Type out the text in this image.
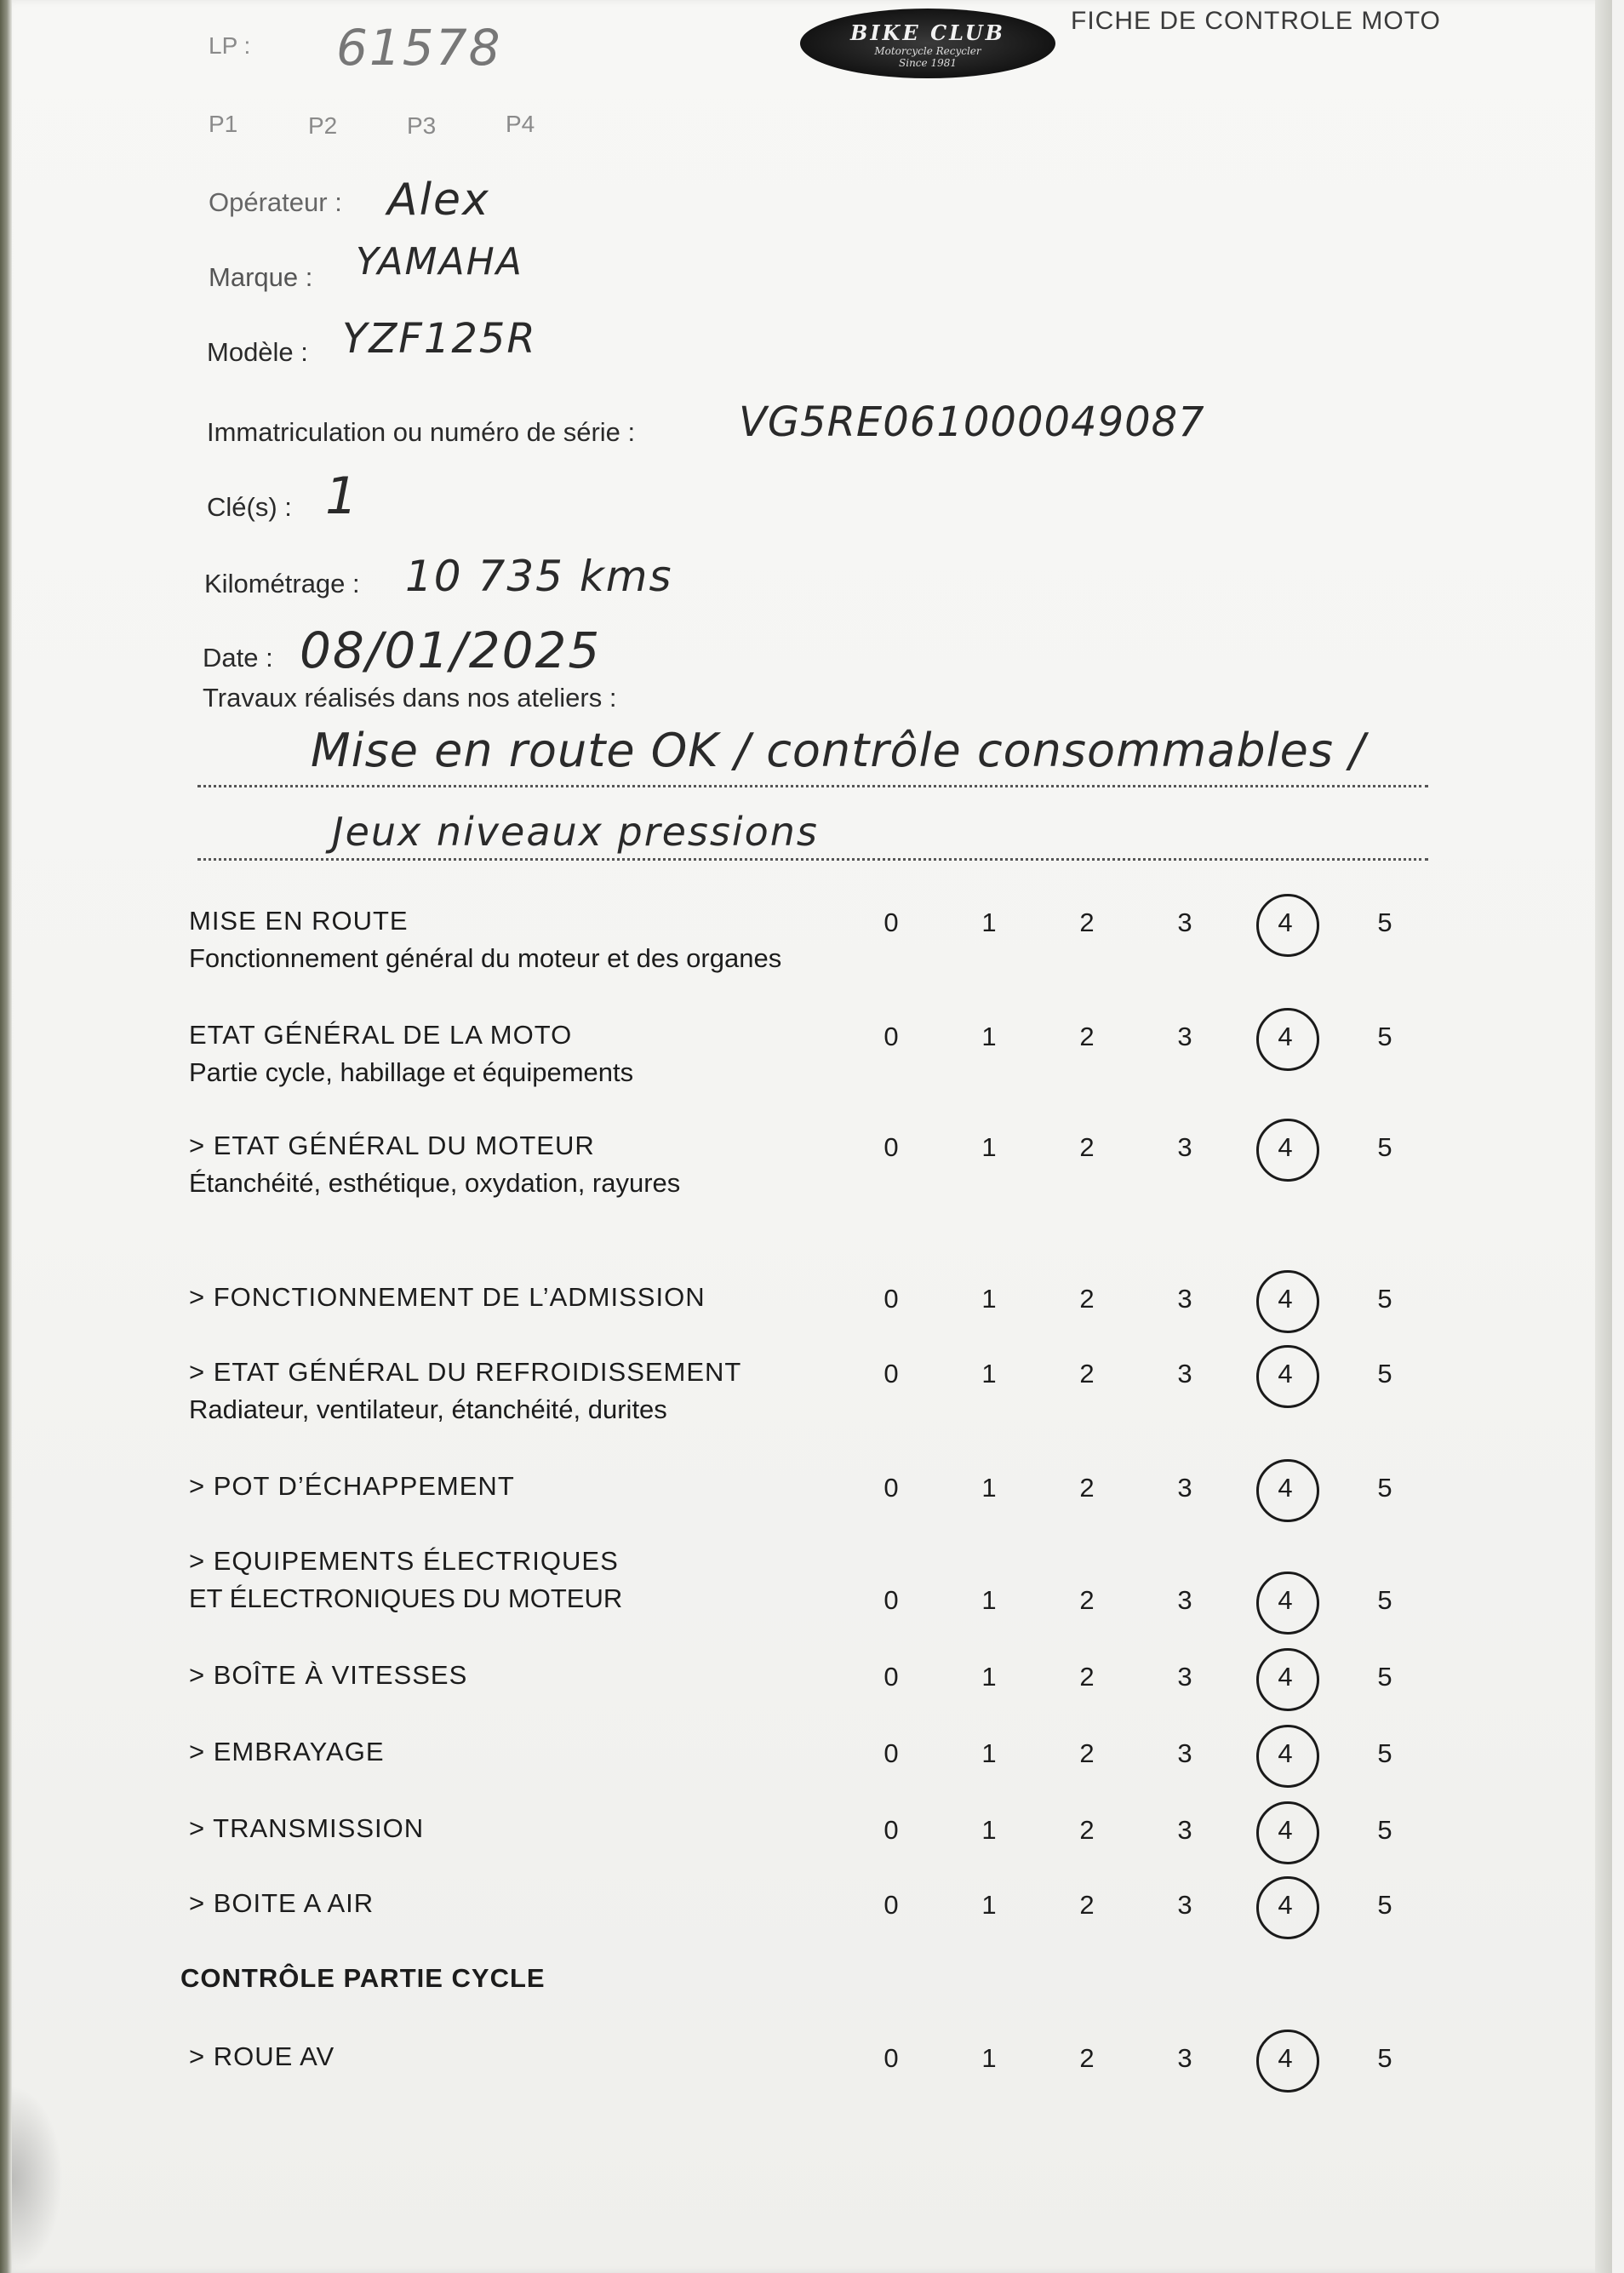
BIKE CLUB
Motorcycle Recycler
Since 1981
FICHE DE CONTROLE MOTO
LP : 61578
P1	P2	P3	P4
Opérateur : Alex
Marque : YAMAHA
Modèle : YZF125R
Immatriculation ou numéro de série :	VG5RE061000049087
Clé(s) : 1
Kilométrage : 10 735 kms
Date : 08/01/2025
Travaux réalisés dans nos ateliers :
Mise en route OK / contrôle consommables /
Jeux niveaux pressions
MISE EN ROUTE
Fonctionnement général du moteur et des organes
0	1	2	3	4	5
ETAT GÉNÉRAL DE LA MOTO
Partie cycle, habillage et équipements
0	1	2	3	4	5
> ETAT GÉNÉRAL DU MOTEUR
Étanchéité, esthétique, oxydation, rayures
0	1	2	3	4	5
> FONCTIONNEMENT DE L’ADMISSION	0	1	2	3	4	5
> ETAT GÉNÉRAL DU REFROIDISSEMENT
Radiateur, ventilateur, étanchéité, durites
0	1	2	3	4	5
> POT D’ÉCHAPPEMENT	0	1	2	3	4	5
> EQUIPEMENTS ÉLECTRIQUES
ET ÉLECTRONIQUES DU MOTEUR	0	1	2	3	4	5
> BOÎTE À VITESSES	0	1	2	3	4	5
> EMBRAYAGE	0	1	2	3	4	5
> TRANSMISSION	0	1	2	3	4	5
> BOITE A AIR	0	1	2	3	4	5
CONTRÔLE PARTIE CYCLE
> ROUE AV	0	1	2	3	4	5
